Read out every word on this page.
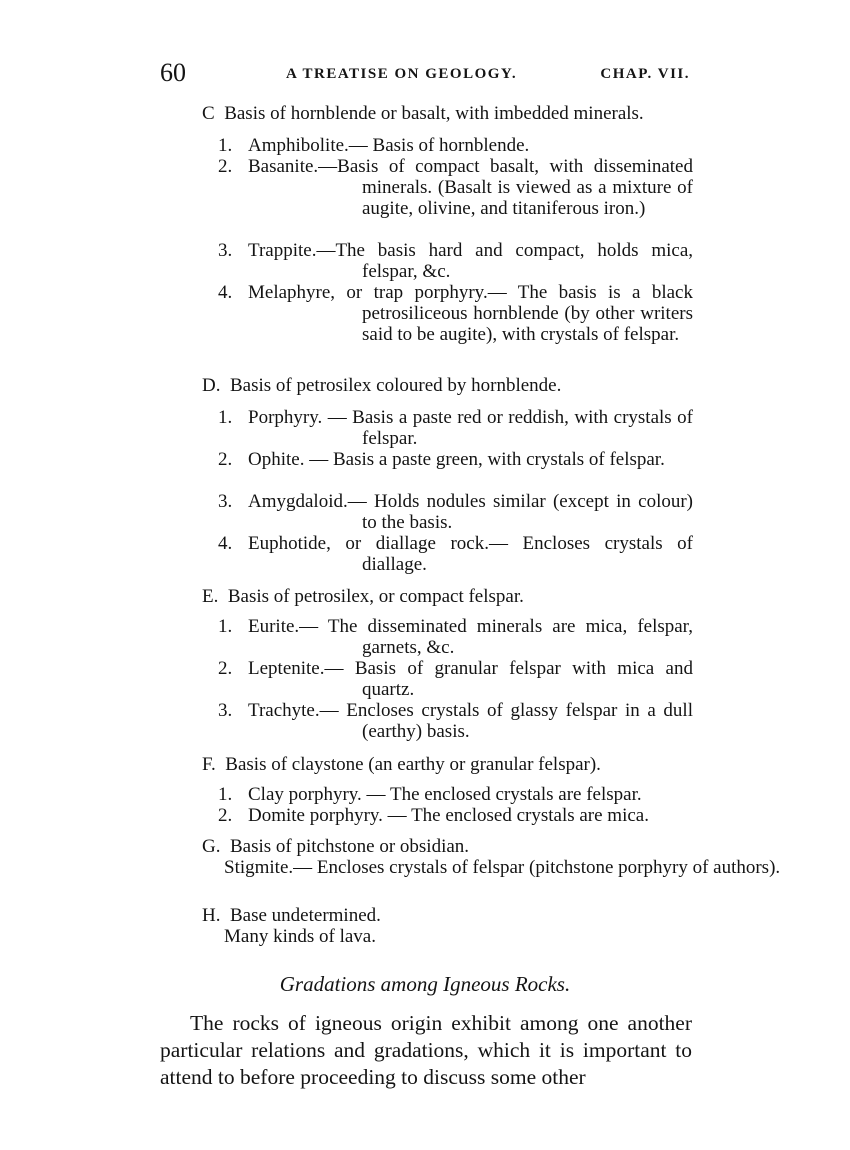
60	A TREATISE ON GEOLOGY.	CHAP. VII.
C Basis of hornblende or basalt, with imbedded minerals.
1. Amphibolite.— Basis of hornblende.
2. Basanite.—Basis of compact basalt, with disseminated minerals. (Basalt is viewed as a mixture of augite, olivine, and titaniferous iron.)
3. Trappite.—The basis hard and compact, holds mica, felspar, &c.
4. Melaphyre, or trap porphyry.— The basis is a black petrosiliceous hornblende (by other writers said to be augite), with crystals of felspar.
D. Basis of petrosilex coloured by hornblende.
1. Porphyry. — Basis a paste red or reddish, with crystals of felspar.
2. Ophite. — Basis a paste green, with crystals of felspar.
3. Amygdaloid.— Holds nodules similar (except in colour) to the basis.
4. Euphotide, or diallage rock.— Encloses crystals of diallage.
E. Basis of petrosilex, or compact felspar.
1. Eurite.— The disseminated minerals are mica, felspar, garnets, &c.
2. Leptenite.— Basis of granular felspar with mica and quartz.
3. Trachyte.— Encloses crystals of glassy felspar in a dull (earthy) basis.
F. Basis of claystone (an earthy or granular felspar).
1. Clay porphyry. — The enclosed crystals are felspar.
2. Domite porphyry. — The enclosed crystals are mica.
G. Basis of pitchstone or obsidian.
Stigmite.— Encloses crystals of felspar (pitchstone porphyry of authors).
H. Base undetermined.
Many kinds of lava.
Gradations among Igneous Rocks.
The rocks of igneous origin exhibit among one another particular relations and gradations, which it is important to attend to before proceeding to discuss some other
